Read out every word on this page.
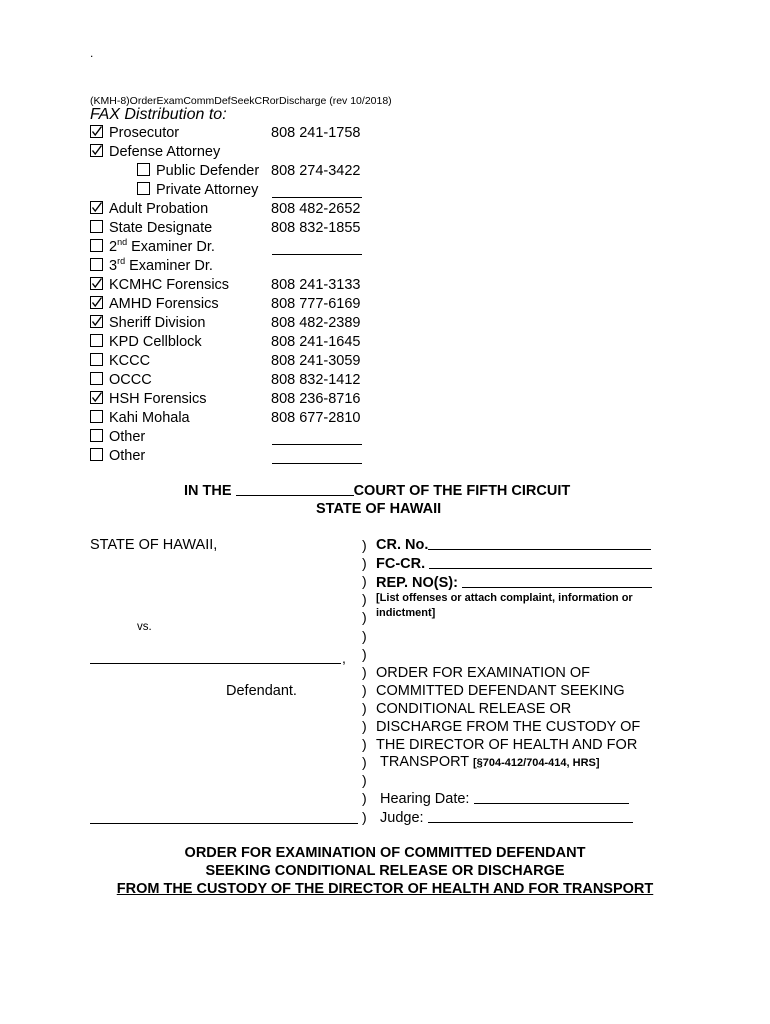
.
(KMH-8)OrderExamCommDefSeekCRorDischarge (rev 10/2018)
FAX Distribution to:
Prosecutor	808 241-1758
Defense Attorney
Public Defender 808 274-3422
Private Attorney
Adult Probation	808 482-2652
State Designate	808 832-1855
2nd Examiner Dr.
3rd Examiner Dr.
KCMHC Forensics	808 241-3133
AMHD Forensics	808 777-6169
Sheriff Division	808 482-2389
KPD Cellblock	808 241-1645
KCCC	808 241-3059
OCCC	808 832-1412
HSH Forensics	808 236-8716
Kahi Mohala	808 677-2810
Other
Other
IN THE	COURT OF THE FIFTH CIRCUIT
STATE OF HAWAII
STATE OF HAWAII,
vs.
,
Defendant.
)
)
)
)
)
)
)
)
)
)
)
)
)
)
)
)
CR. No.
FC-CR.
REP. NO(S):
[List offenses or attach complaint, information or
indictment]
ORDER FOR EXAMINATION OF
COMMITTED DEFENDANT SEEKING
CONDITIONAL RELEASE OR
DISCHARGE FROM THE CUSTODY OF
THE DIRECTOR OF HEALTH AND FOR
TRANSPORT [§704-412/704-414, HRS]
Hearing Date:
Judge:
ORDER FOR EXAMINATION OF COMMITTED DEFENDANT
SEEKING CONDITIONAL RELEASE OR DISCHARGE
FROM THE CUSTODY OF THE DIRECTOR OF HEALTH AND FOR TRANSPORT
